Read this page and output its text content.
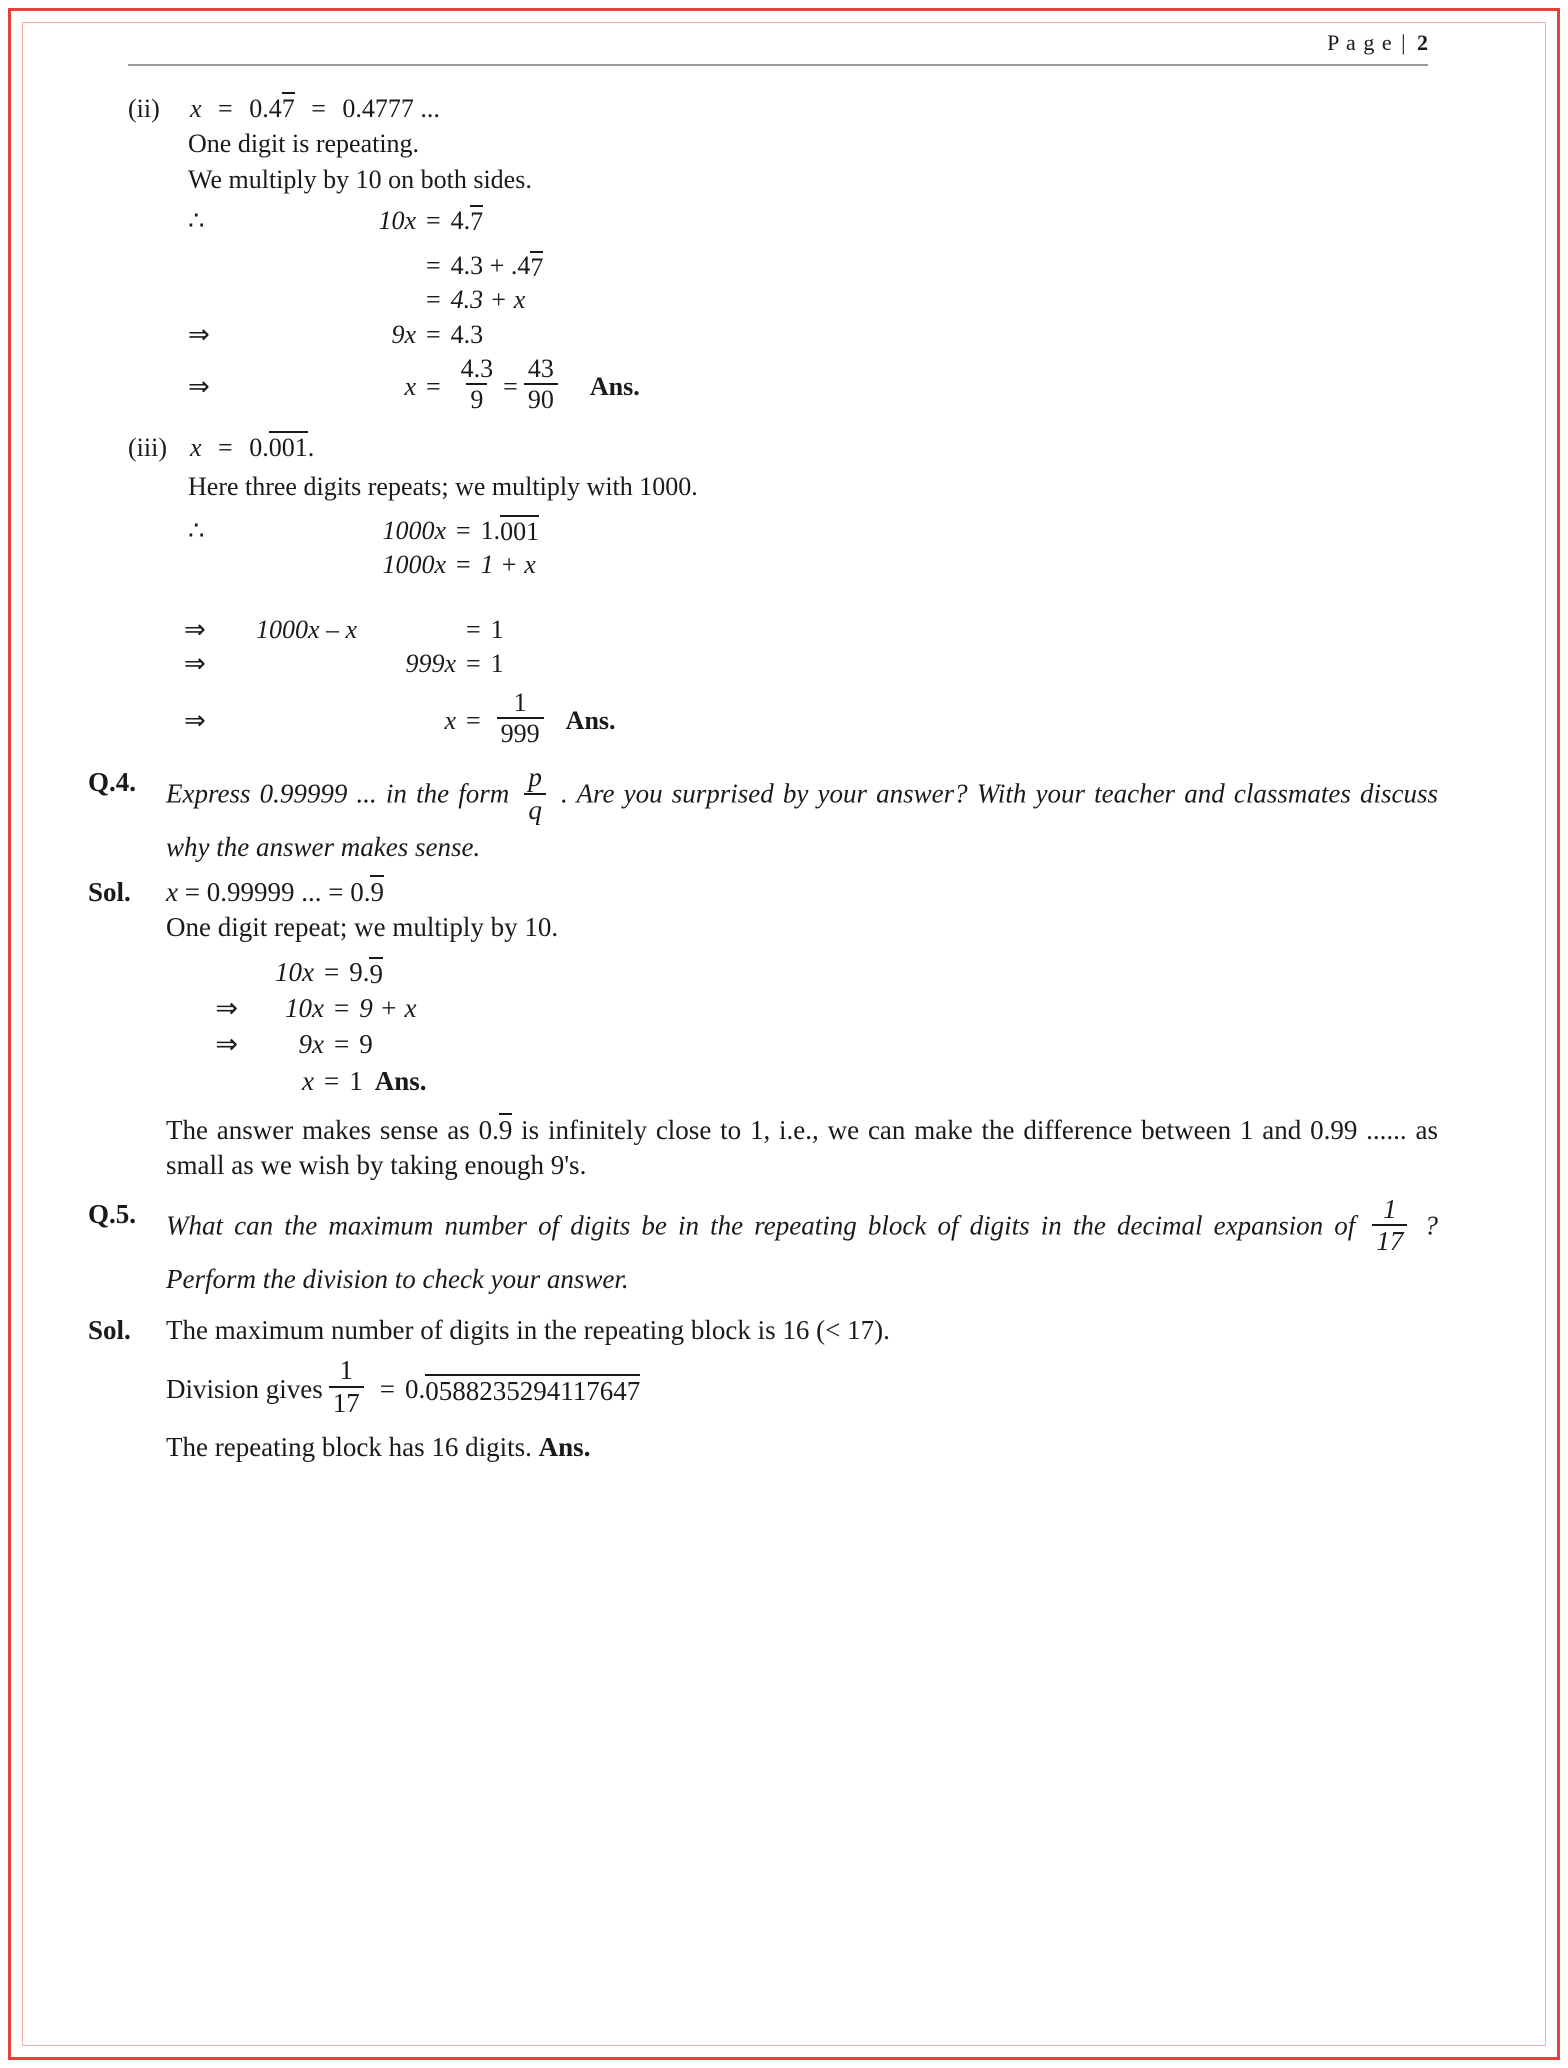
P a g e | 2
(ii)	x = 0.47 = 0.4777 ...
One digit is repeating.
We multiply by 10 on both sides.
∴	10x = 4. 7
= 4.3 + .4 7
= 4.3 + x
⇒	9x = 4.3
⇒	$x = \frac{4.3}{9} = \frac{43}{90}$ Ans.
(iii) x = 0.001.
Here three digits repeats; we multiply with 1000.
∴	1000x = 1. 001
1000x = 1 + x
⇒	1000x – x	= 1
⇒	999x = 1
⇒	$x = \frac{1}{999}$ Ans.
Q.4.	Express 0.99999 ... in the form $\frac{p}{q}$ . Are you surprised by your answer? With your teacher and classmates discuss why the answer makes sense.
Sol.	x = 0.99999 ... = 0.9
One digit repeat; we multiply by 10.
10x = 9. 9
⇒	10x = 9 + x
⇒	9x = 9
x = 1 Ans.
The answer makes sense as 0.9 is infinitely close to 1, i.e., we can make the difference between 1 and 0.99 ...... as small as we wish by taking enough 9's.
Q.5.	What can the maximum number of digits be in the repeating block of digits in the decimal expansion of $\frac{1}{17}$ ? Perform the division to check your answer.
Sol.	The maximum number of digits in the repeating block is 16 (< 17).
Division gives $\frac{1}{17} = 0$. 0588235294117647
The repeating block has 16 digits. Ans.
